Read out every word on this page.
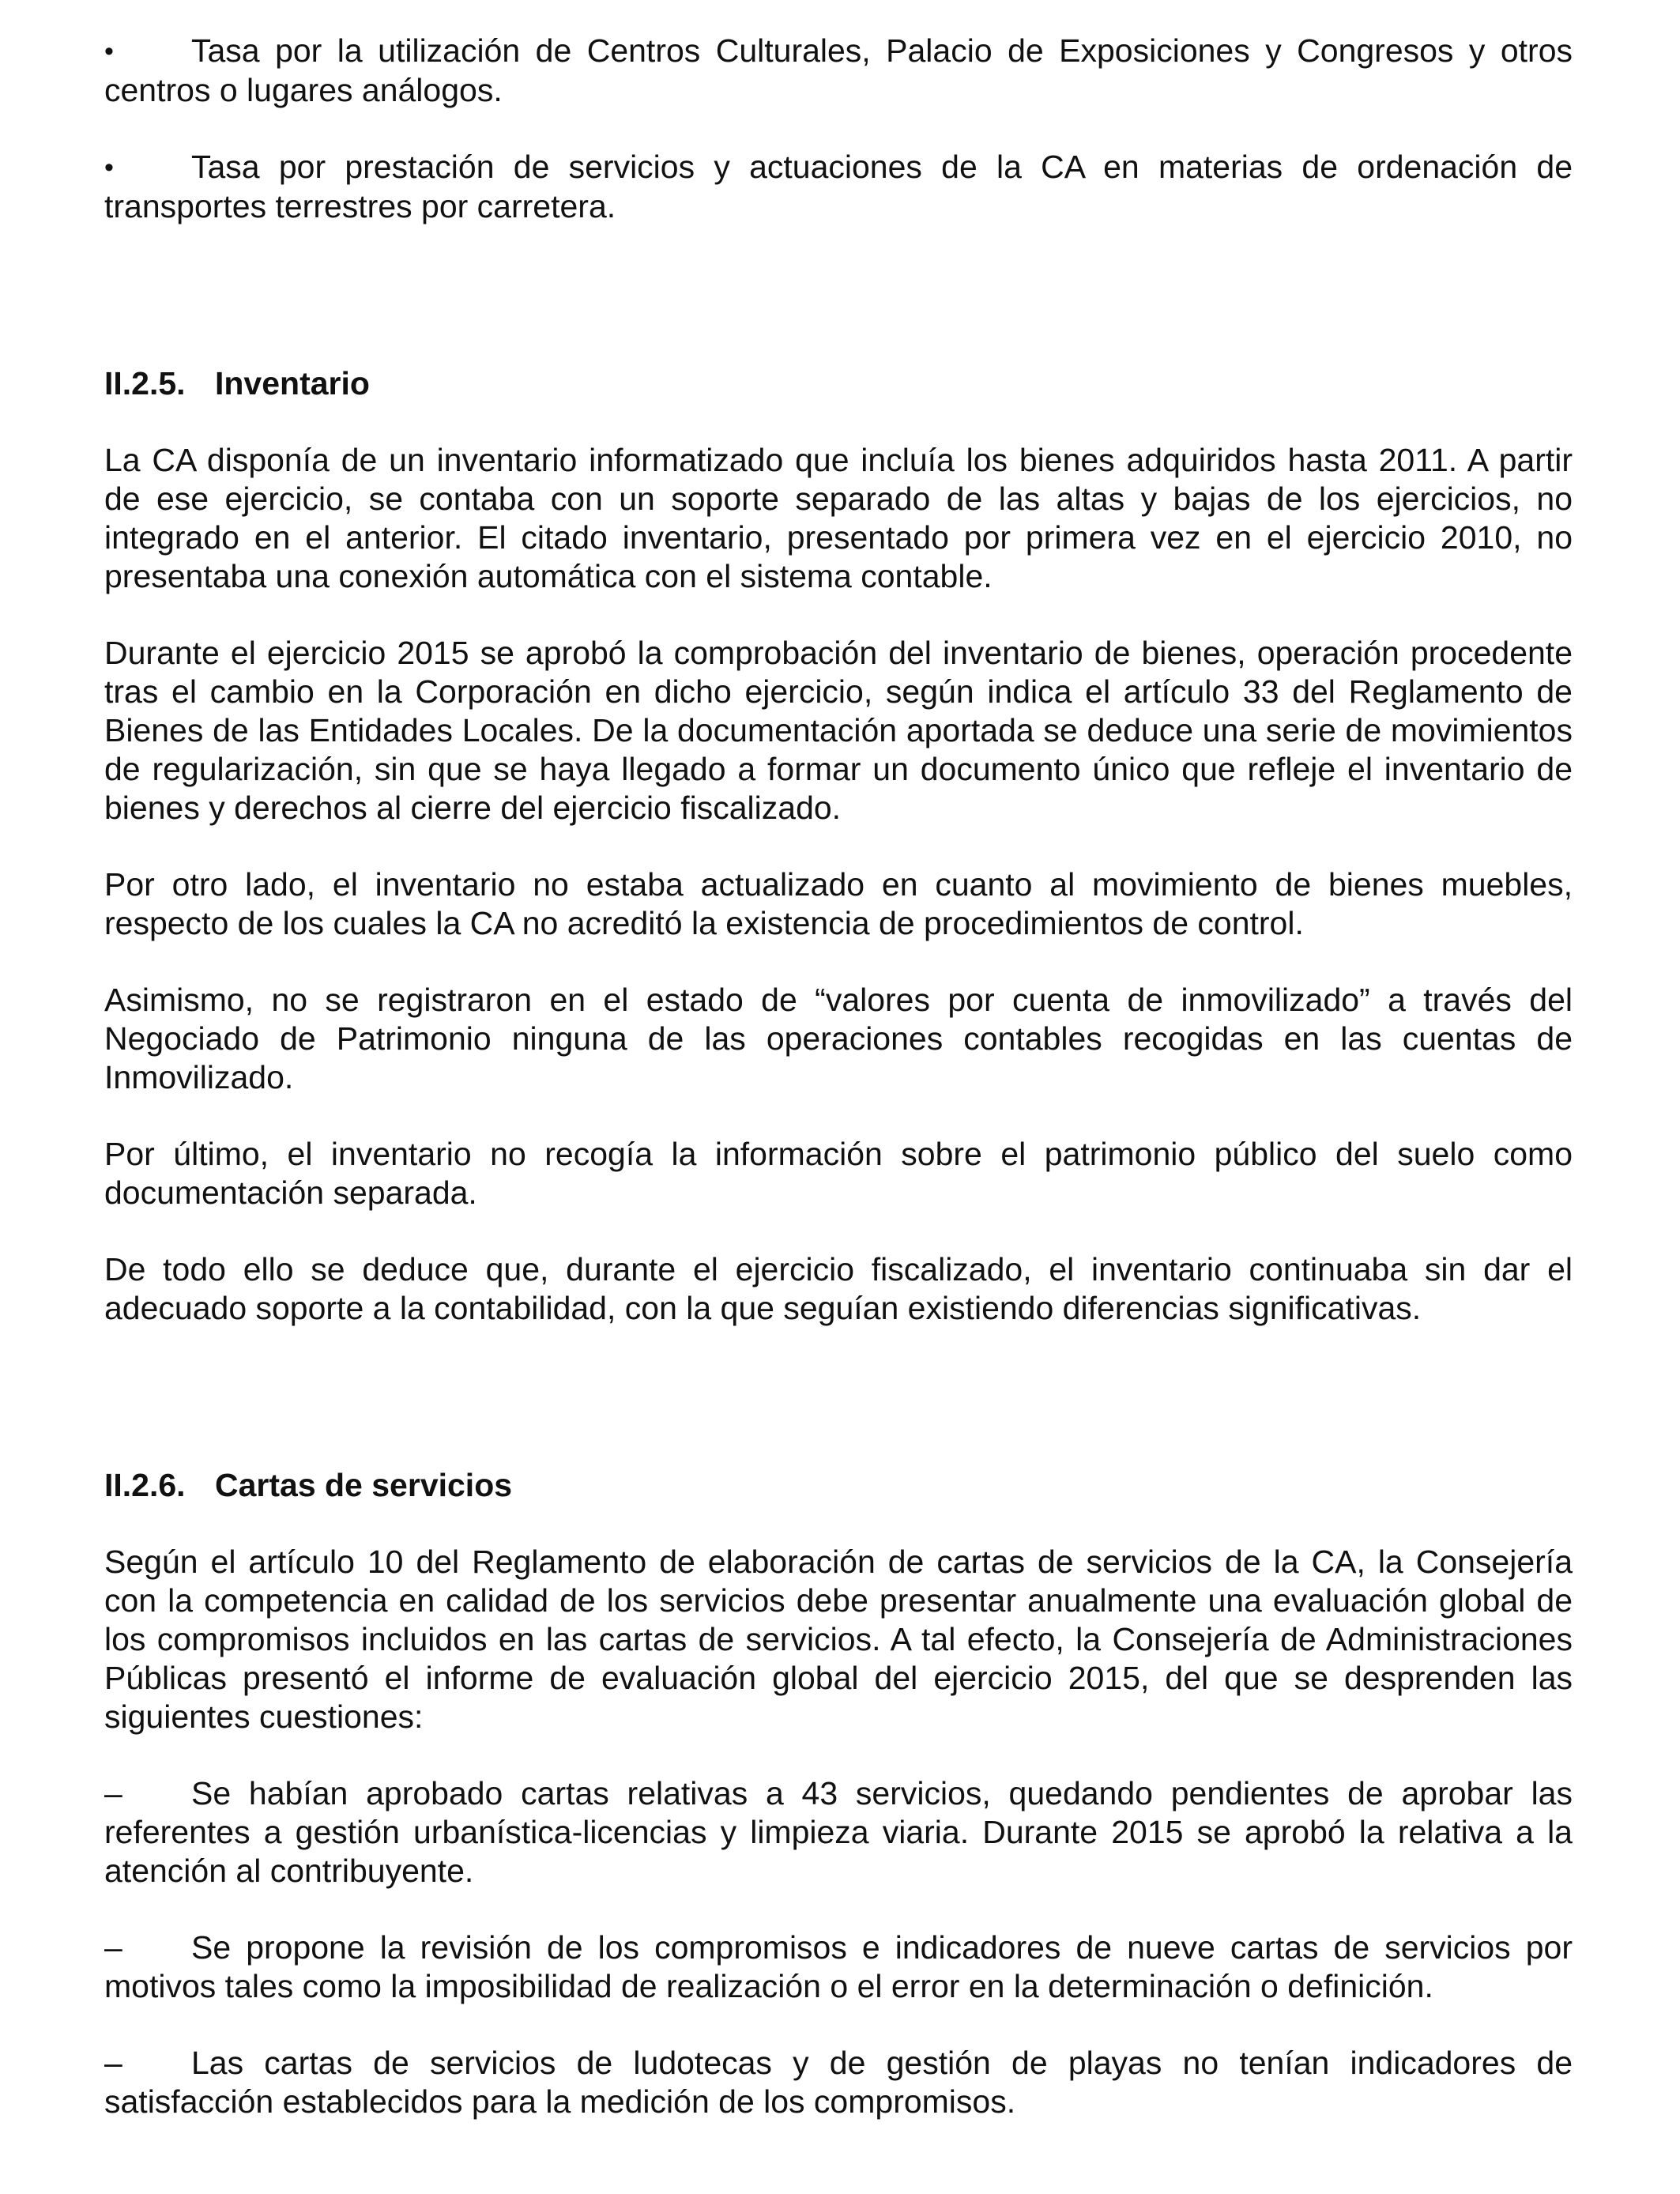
• Tasa por la utilización de Centros Culturales, Palacio de Exposiciones y Congresos y otros centros o lugares análogos.

• Tasa por prestación de servicios y actuaciones de la CA en materias de ordenación de transportes terrestres por carretera.

II.2.5. Inventario

La CA disponía de un inventario informatizado que incluía los bienes adquiridos hasta 2011. A partir de ese ejercicio, se contaba con un soporte separado de las altas y bajas de los ejercicios, no integrado en el anterior. El citado inventario, presentado por primera vez en el ejercicio 2010, no presentaba una conexión automática con el sistema contable.

Durante el ejercicio 2015 se aprobó la comprobación del inventario de bienes, operación procedente tras el cambio en la Corporación en dicho ejercicio, según indica el artículo 33 del Reglamento de Bienes de las Entidades Locales. De la documentación aportada se deduce una serie de movimientos de regularización, sin que se haya llegado a formar un documento único que refleje el inventario de bienes y derechos al cierre del ejercicio fiscalizado.

Por otro lado, el inventario no estaba actualizado en cuanto al movimiento de bienes muebles, respecto de los cuales la CA no acreditó la existencia de procedimientos de control.

Asimismo, no se registraron en el estado de “valores por cuenta de inmovilizado” a través del Negociado de Patrimonio ninguna de las operaciones contables recogidas en las cuentas de Inmovilizado.

Por último, el inventario no recogía la información sobre el patrimonio público del suelo como documentación separada.

De todo ello se deduce que, durante el ejercicio fiscalizado, el inventario continuaba sin dar el adecuado soporte a la contabilidad, con la que seguían existiendo diferencias significativas.

II.2.6. Cartas de servicios

Según el artículo 10 del Reglamento de elaboración de cartas de servicios de la CA, la Consejería con la competencia en calidad de los servicios debe presentar anualmente una evaluación global de los compromisos incluidos en las cartas de servicios. A tal efecto, la Consejería de Administraciones Públicas presentó el informe de evaluación global del ejercicio 2015, del que se desprenden las siguientes cuestiones:

– Se habían aprobado cartas relativas a 43 servicios, quedando pendientes de aprobar las referentes a gestión urbanística-licencias y limpieza viaria. Durante 2015 se aprobó la relativa a la atención al contribuyente.

– Se propone la revisión de los compromisos e indicadores de nueve cartas de servicios por motivos tales como la imposibilidad de realización o el error en la determinación o definición.

– Las cartas de servicios de ludotecas y de gestión de playas no tenían indicadores de satisfacción establecidos para la medición de los compromisos.
